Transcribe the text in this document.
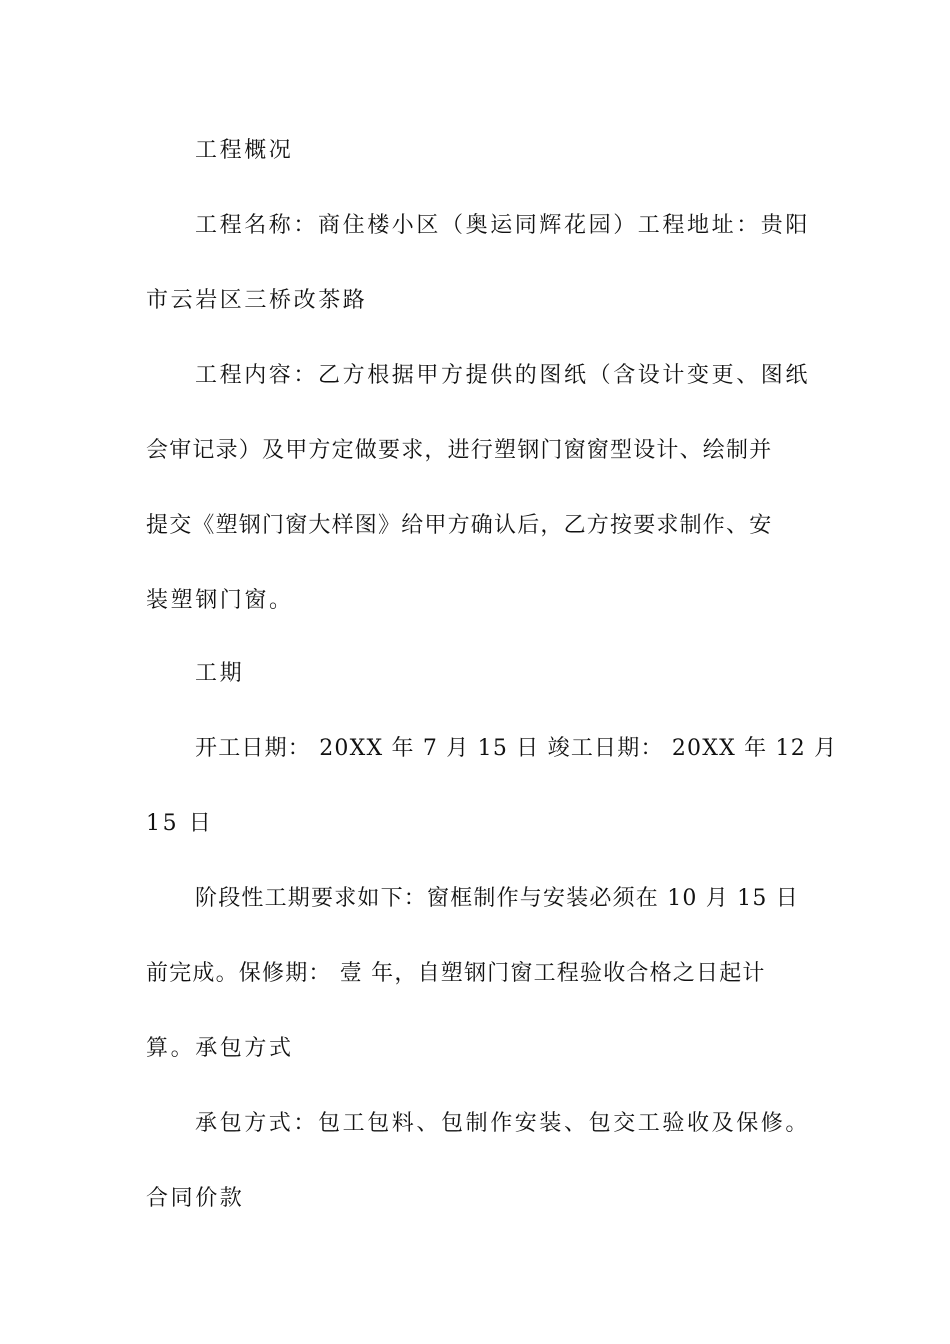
工程概况
工程名称：商住楼小区（奥运同辉花园）工程地址：贵阳
市云岩区三桥改茶路
工程内容：乙方根据甲方提供的图纸（含设计变更、图纸
会审记录）及甲方定做要求，进行塑钢门窗窗型设计、绘制并
提交《塑钢门窗大样图》给甲方确认后，乙方按要求制作、安
装塑钢门窗。
工期
开工日期： 20XX 年 7 月 15 日 竣工日期： 20XX 年 12 月
15 日
阶段性工期要求如下：窗框制作与安装必须在 10 月 15 日
前完成。保修期： 壹 年，自塑钢门窗工程验收合格之日起计
算。承包方式
承包方式：包工包料、包制作安装、包交工验收及保修。
合同价款
